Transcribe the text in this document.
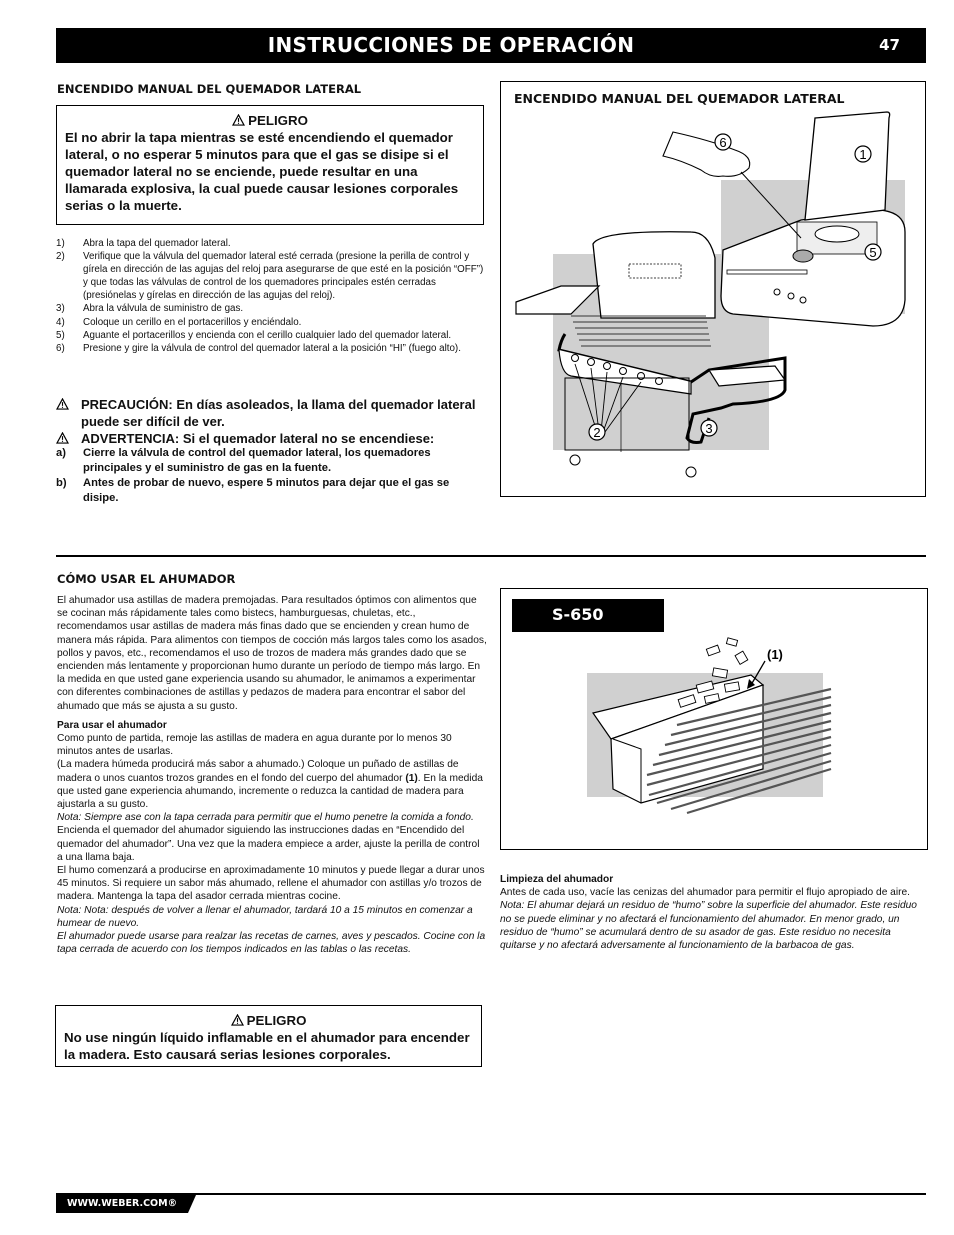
INSTRUCCIONES DE OPERACIÓN	47
ENCENDIDO MANUAL DEL QUEMADOR LATERAL
PELIGRO
El no abrir la tapa mientras se esté encendiendo el quemador lateral, o no esperar 5 minutos para que el gas se disipe si el quemador lateral no se enciende, puede resultar en una llamarada explosiva, la cual puede causar lesiones corporales serias o la muerte.
1)	Abra la tapa del quemador lateral.
2)	Verifique que la válvula del quemador lateral esté cerrada (presione la perilla de control y gírela en dirección de las agujas del reloj para asegurarse de que esté en la posición “OFF”) y que todas las válvulas de control de los quemadores principales estén cerradas (presiónelas y gírelas en dirección de las agujas del reloj).
3)	Abra la válvula de suministro de gas.
4)	Coloque un cerillo en el portacerillos y enciéndalo.
5)	Aguante el portacerillos y encienda con el cerillo cualquier lado del quemador lateral.
6)	Presione y gire la válvula de control del quemador lateral a la posición “HI” (fuego alto).
PRECAUCIÓN: En días asoleados, la llama del quemador lateral puede ser difícil de ver.
ADVERTENCIA: Si el quemador lateral no se encendiese:
a)	Cierre la válvula de control del quemador lateral, los quemadores principales y el suministro de gas en la fuente.
b)	Antes de probar de nuevo, espere 5 minutos para dejar que el gas se disipe.
ENCENDIDO MANUAL DEL QUEMADOR LATERAL
6
1
5
2	3
CÓMO USAR EL AHUMADOR

El ahumador usa astillas de madera premojadas. Para resultados óptimos con alimentos que se cocinan más rápidamente tales como bistecs, hamburguesas, chuletas, etc., recomendamos usar astillas de madera más finas dado que se encienden y crean humo de manera más rápida. Para alimentos con tiempos de cocción más largos tales como los asados, pollos y pavos, etc., recomendamos el uso de trozos de madera más grandes dado que se encienden más lentamente y proporcionan humo durante un período de tiempo más largo. En la medida en que usted gane experiencia usando su ahumador, le animamos a experimentar con diferentes combinaciones de astillas y pedazos de madera para encontrar el sabor del ahumado que más se ajusta a su gusto.

Para usar el ahumador

Como punto de partida, remoje las astillas de madera en agua durante por lo menos 30 minutos antes de usarlas.

(La madera húmeda producirá más sabor a ahumado.) Coloque un puñado de astillas de madera o unos cuantos trozos grandes en el fondo del cuerpo del ahumador (1). En la medida que usted gane experiencia ahumando, incremente o reduzca la cantidad de madera para ajustarla a su gusto.

Nota: Siempre ase con la tapa cerrada para permitir que el humo penetre la comida a fondo.

Encienda el quemador del ahumador siguiendo las instrucciones dadas en “Encendido del quemador del ahumador”. Una vez que la madera empiece a arder, ajuste la perilla de control a una llama baja.

El humo comenzará a producirse en aproximadamente 10 minutos y puede llegar a durar unos 45 minutos. Si requiere un sabor más ahumado, rellene el ahumador con astillas y/o trozos de madera. Mantenga la tapa del asador cerrada mientras cocine.

Nota: Nota: después de volver a llenar el ahumador, tardará 10 a 15 minutos en comenzar a humear de nuevo.

El ahumador puede usarse para realzar las recetas de carnes, aves y pescados. Cocine con la tapa cerrada de acuerdo con los tiempos indicados en las tablas o las recetas.

PELIGRO
No use ningún líquido inflamable en el ahumador para encender la madera. Esto causará serias lesiones corporales.
S-650
(1)

Limpieza del ahumador

Antes de cada uso, vacíe las cenizas del ahumador para permitir el flujo apropiado de aire.

Nota: El ahumar dejará un residuo de “humo” sobre la superficie del ahumador. Este residuo no se puede eliminar y no afectará el funcionamiento del ahumador. En menor grado, un residuo de “humo” se acumulará dentro de su asador de gas. Este residuo no necesita quitarse y no afectará adversamente al funcionamiento de la barbacoa de gas.

WWW.WEBER.COM®
